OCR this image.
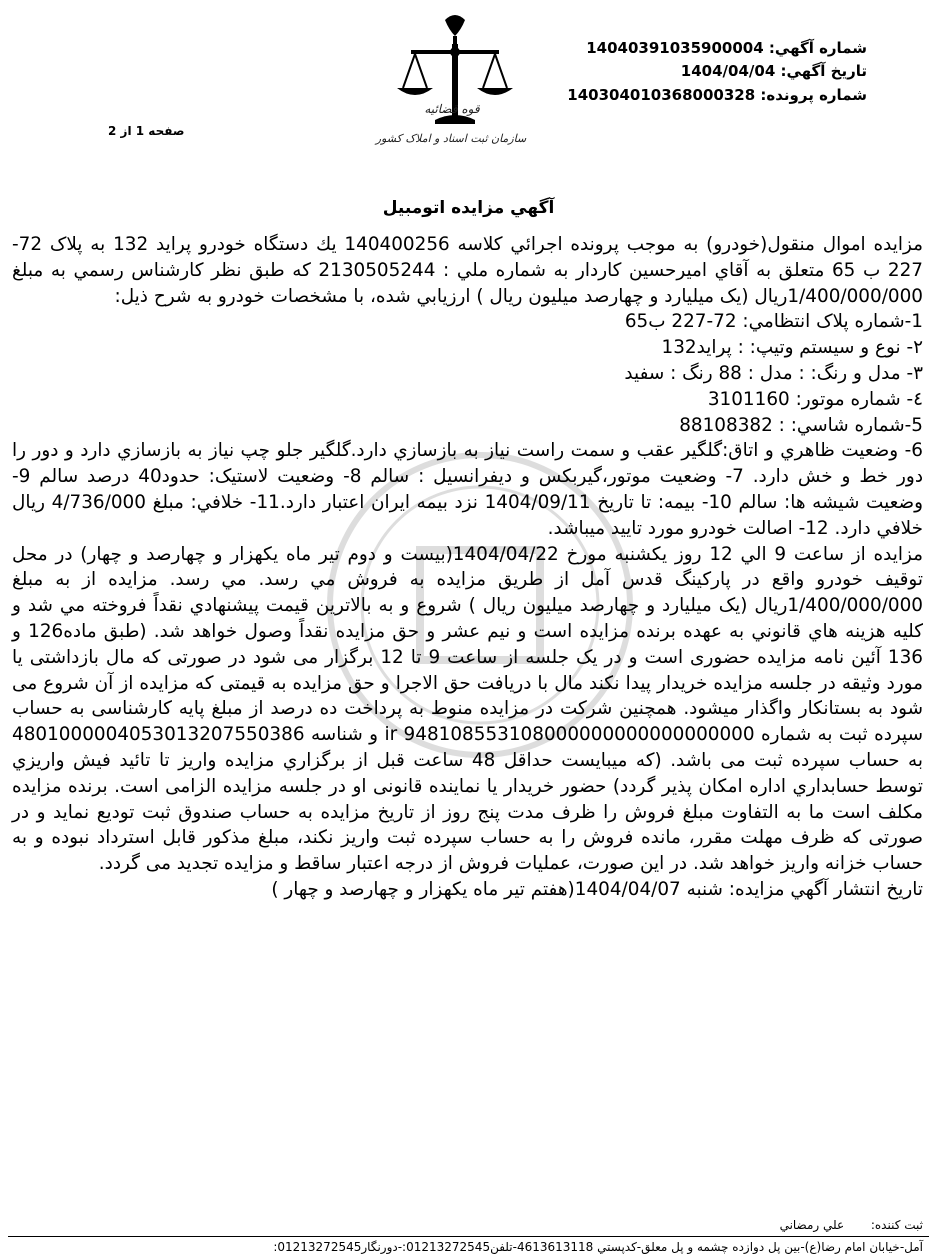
شماره آگهي: 14040391035900004
تاريخ آگهي: 1404/04/04
شماره پرونده: 140304010368000328
صفحه 1 از 2
قوه قضائيه
سازمان ثبت اسناد و املاک کشور
آگهي مزايده اتومبيل

مزايده اموال منقول(خودرو) به موجب پرونده اجرائي كلاسه 140400256 يك دستگاه خودرو پرايد 132 به پلاک 72-227 ب 65 متعلق به آقاي اميرحسين كاردار به شماره ملي : 2130505244 که طبق نظر کارشناس رسمي به مبلغ 1/400/000/000ريال (يک ميليارد و چهارصد ميليون ريال ) ارزيابي شده، با مشخصات خودرو به شرح ذيل:

1-شماره پلاک انتظامي: 72-227 ب65

٢- نوع و سيستم وتيپ: : پرايد132

٣- مدل و رنگ: : مدل : 88 رنگ : سفيد

٤- شماره موتور: 3101160

5-شماره شاسي: : 88108382

6- وضعيت ظاهري و اتاق:گلگير عقب و سمت راست نياز به بازسازي دارد.گلگير جلو چپ نياز به بازسازي دارد و دور را دور خط و خش دارد. 7- وضعيت موتور،گيربکس و ديفرانسيل : سالم 8- وضعيت لاستيک: حدود40 درصد سالم 9- وضعيت شيشه ها: سالم 10- بيمه: تا تاريخ 1404/09/11 نزد بيمه ايران اعتبار دارد.11- خلافي: مبلغ 4/736/000 ريال خلافي دارد. 12- اصالت خودرو مورد تاييد ميباشد.

مزايده از ساعت 9 الي 12 روز يکشنبه مورخ 1404/04/22(بيست و دوم تير ماه يکهزار و چهارصد و چهار) در محل توقيف خودرو واقع در پارکينگ قدس آمل از طريق مزايده به فروش مي رسد. مي رسد. مزايده از به مبلغ 1/400/000/000ريال (يک ميليارد و چهارصد ميليون ريال ) شروع و به بالاترين قيمت پيشنهادي نقداً فروخته مي شد و کليه هزينه هاي قانوني به عهده برنده مزايده است و نيم عشر و حق مزايده نقداً وصول خواهد شد. (طبق ماده126 و 136 آئين نامه مزايده حضوری است و در یک جلسه از ساعت 9 تا 12 برگزار می شود در صورتی که مال بازداشتی یا مورد وثیقه در جلسه مزایده خریدار پیدا نکند مال با دریافت حق الاجرا و حق مزایده به قیمتی که مزایده از آن شروع می شود به بستانکار واگذار میشود. همچنین شرکت در مزایده منوط به پرداخت ده درصد از مبلغ پایه کارشناسی به حساب سپرده ثبت به شماره ir 948108553108000000000000000000 و شناسه 480100000405301320755038​6 به حساب سپرده ثبت می باشد. (که میبایست حداقل 48 ساعت قبل از برگزاري مزايده واريز تا تائيد فيش واريزي توسط حسابداري اداره امکان پذير گردد) حضور خریدار یا نماینده قانونی او در جلسه مزایده الزامی است. برنده مزایده مکلف است ما به التفاوت مبلغ فروش را ظرف مدت پنج روز از تاریخ مزایده به حساب صندوق ثبت تودیع نماید و در صورتی که ظرف مهلت مقرر، مانده فروش را به حساب سپرده ثبت واریز نکند، مبلغ مذکور قابل استرداد نبوده و به حساب خزانه واریز خواهد شد. در این صورت، عملیات فروش از درجه اعتبار ساقط و مزایده تجدید می گردد.

تاريخ انتشار آگهي مزايده: شنبه 1404/04/07(هفتم تير ماه يکهزار و چهارصد و چهار )

ثبت كننده:       علي رمضاني
آمل-خيابان امام رضا(ع)-بين پل دوازده چشمه و پل معلق-كدپستي 4613613118-تلفن01213272545:-دورنگار01213272545:
